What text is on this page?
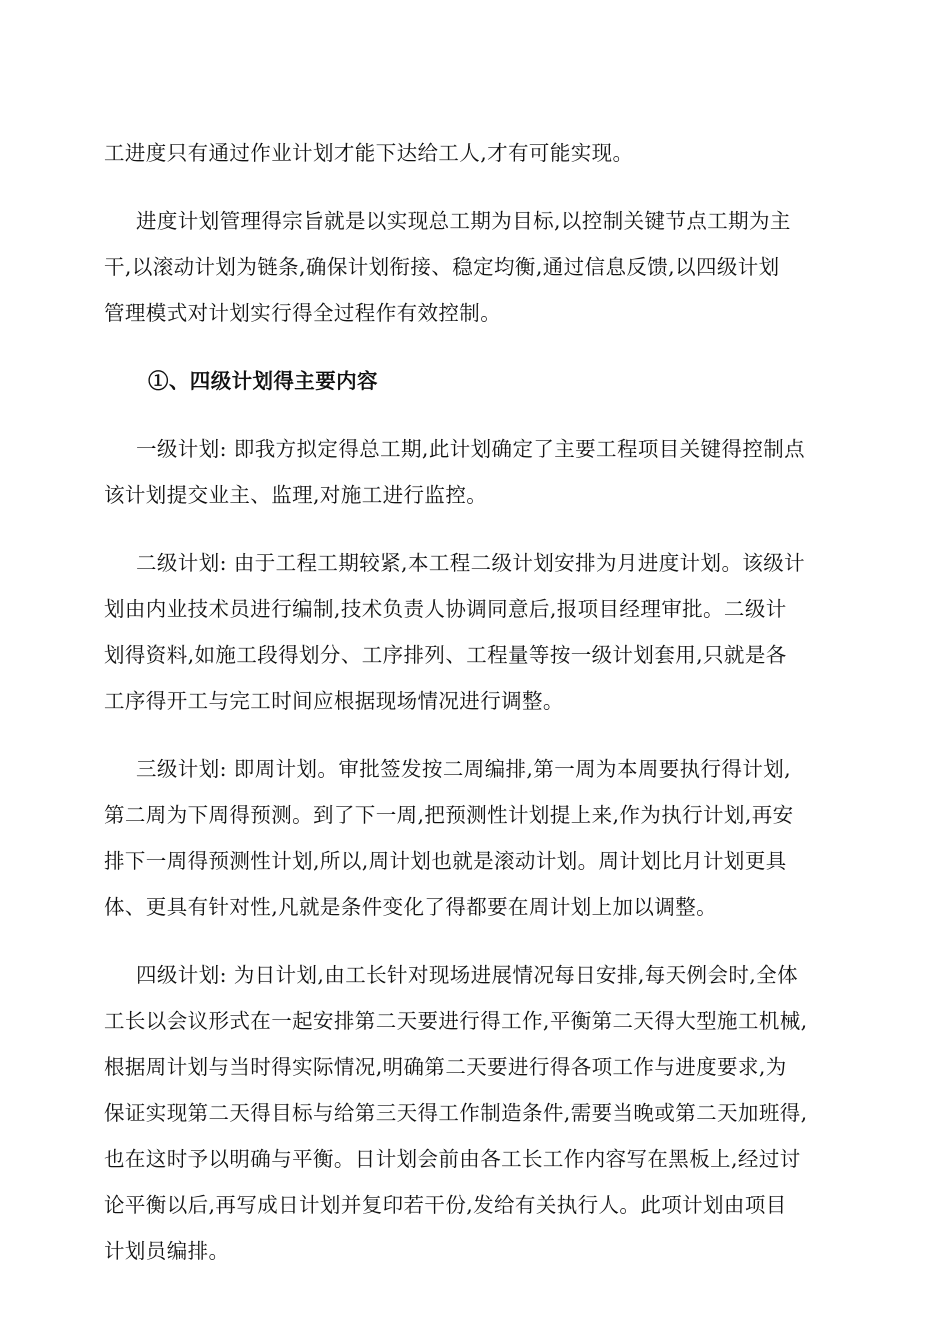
工进度只有通过作业计划才能下达给工人,才有可能实现。
进度计划管理得宗旨就是以实现总工期为目标,以控制关键节点工期为主
干,以滚动计划为链条,确保计划衔接、稳定均衡,通过信息反馈,以四级计划
管理模式对计划实行得全过程作有效控制。
①、四级计划得主要内容
一级计划: 即我方拟定得总工期,此计划确定了主要工程项目关键得控制点
该计划提交业主、监理,对施工进行监控。
二级计划: 由于工程工期较紧,本工程二级计划安排为月进度计划。该级计
划由内业技术员进行编制,技术负责人协调同意后,报项目经理审批。二级计
划得资料,如施工段得划分、工序排列、工程量等按一级计划套用,只就是各
工序得开工与完工时间应根据现场情况进行调整。
三级计划: 即周计划。审批签发按二周编排,第一周为本周要执行得计划,
第二周为下周得预测。到了下一周,把预测性计划提上来,作为执行计划,再安
排下一周得预测性计划,所以,周计划也就是滚动计划。周计划比月计划更具
体、更具有针对性,凡就是条件变化了得都要在周计划上加以调整。
四级计划: 为日计划,由工长针对现场进展情况每日安排,每天例会时,全体
工长以会议形式在一起安排第二天要进行得工作,平衡第二天得大型施工机械,
根据周计划与当时得实际情况,明确第二天要进行得各项工作与进度要求,为
保证实现第二天得目标与给第三天得工作制造条件,需要当晚或第二天加班得,
也在这时予以明确与平衡。日计划会前由各工长工作内容写在黑板上,经过讨
论平衡以后,再写成日计划并复印若干份,发给有关执行人。此项计划由项目
计划员编排。
